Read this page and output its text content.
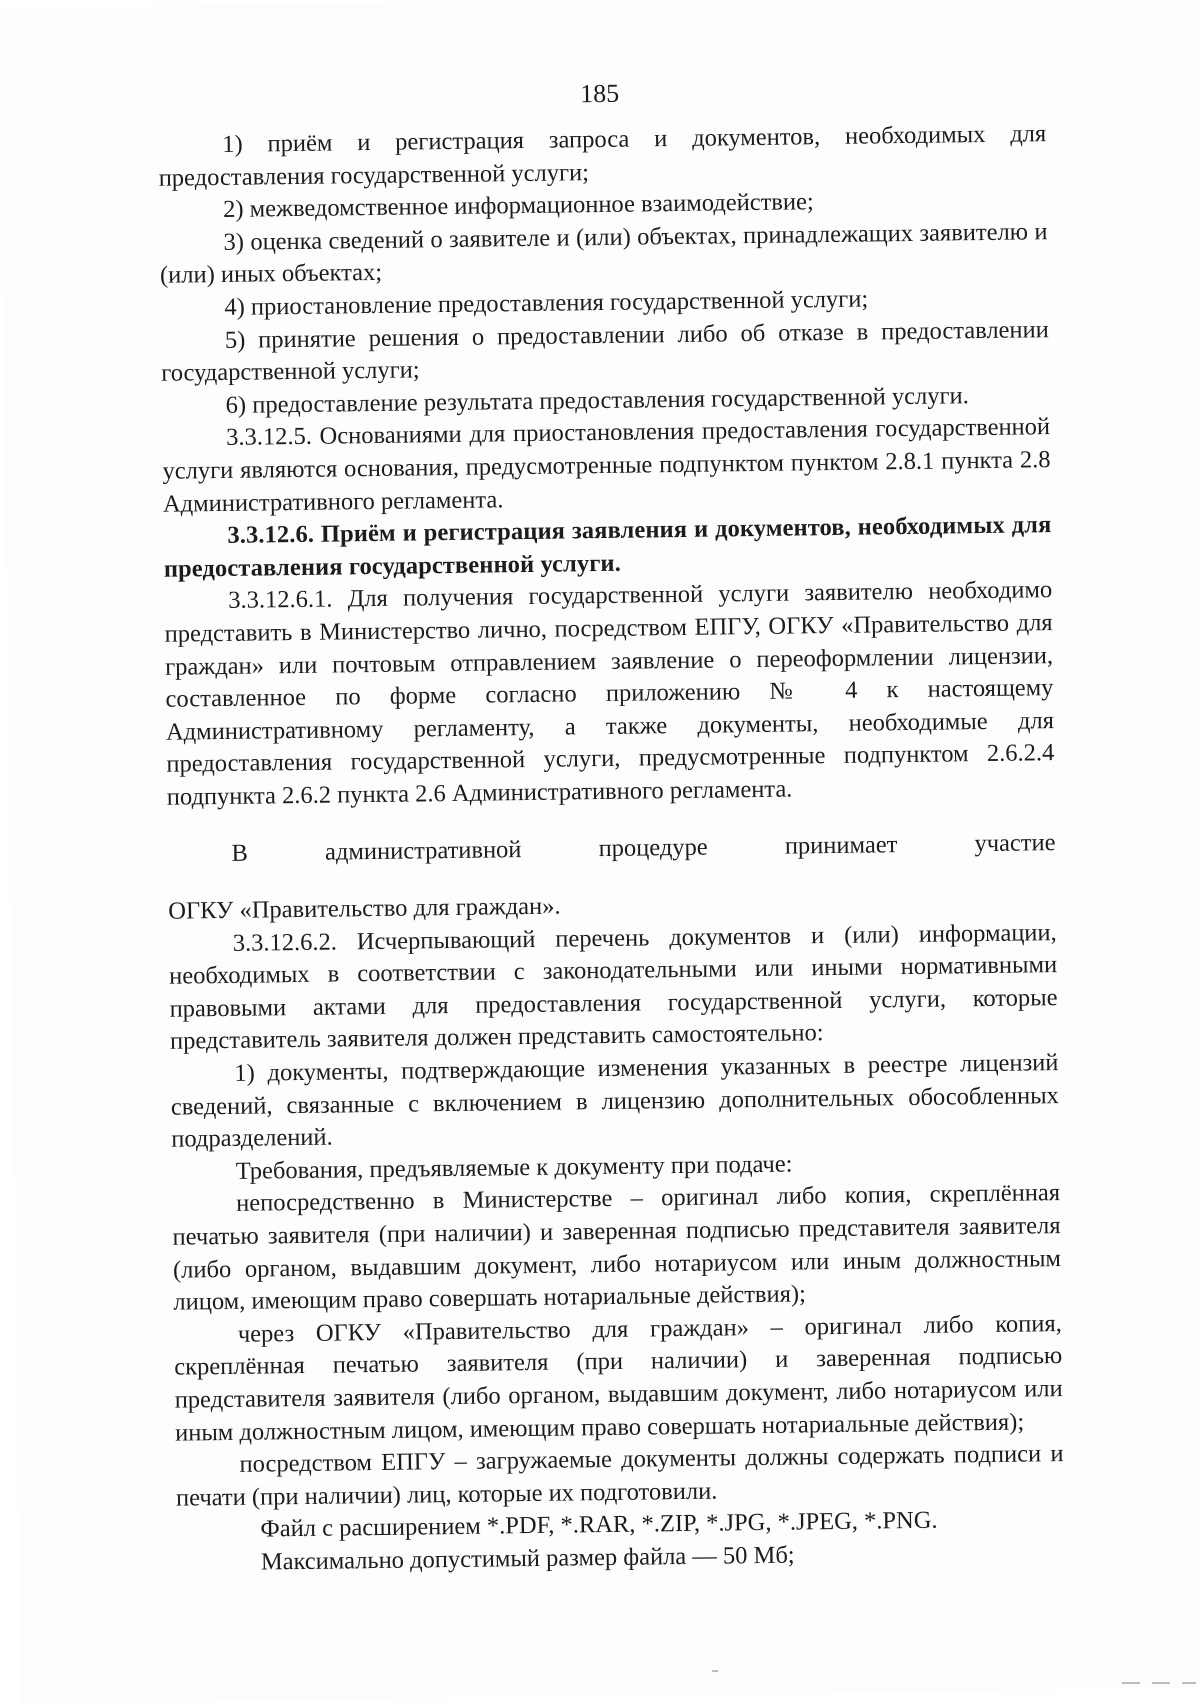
185

1) приём и регистрация запроса и документов, необходимых для предоставления государственной услуги;

2) межведомственное информационное взаимодействие;

3) оценка сведений о заявителе и (или) объектах, принадлежащих заявителю и (или) иных объектах;

4) приостановление предоставления государственной услуги;

5) принятие решения о предоставлении либо об отказе в предоставлении государственной услуги;

6) предоставление результата предоставления государственной услуги.

3.3.12.5. Основаниями для приостановления предоставления государственной услуги являются основания, предусмотренные подпунктом пунктом 2.8.1 пункта 2.8 Административного регламента.

3.3.12.6. Приём и регистрация заявления и документов, необходимых для предоставления государственной услуги.

3.3.12.6.1. Для получения государственной услуги заявителю необходимо представить в Министерство лично, посредством ЕПГУ, ОГКУ «Правительство для граждан» или почтовым отправлением заявление о переоформлении лицензии, составленное по форме согласно приложению № 4 к настоящему Административному регламенту, а также документы, необходимые для предоставления государственной услуги, предусмотренные подпунктом 2.6.2.4 подпункта 2.6.2 пункта 2.6 Административного регламента.

В административной процедуре принимает участие

ОГКУ «Правительство для граждан».

3.3.12.6.2. Исчерпывающий перечень документов и (или) информации, необходимых в соответствии с законодательными или иными нормативными правовыми актами для предоставления государственной услуги, которые представитель заявителя должен представить самостоятельно:

1) документы, подтверждающие изменения указанных в реестре лицензий сведений, связанные с включением в лицензию дополнительных обособленных подразделений.

Требования, предъявляемые к документу при подаче:

непосредственно в Министерстве – оригинал либо копия, скреплённая печатью заявителя (при наличии) и заверенная подписью представителя заявителя (либо органом, выдавшим документ, либо нотариусом или иным должностным лицом, имеющим право совершать нотариальные действия);

через ОГКУ «Правительство для граждан» – оригинал либо копия, скреплённая печатью заявителя (при наличии) и заверенная подписью представителя заявителя (либо органом, выдавшим документ, либо нотариусом или иным должностным лицом, имеющим право совершать нотариальные действия);

посредством ЕПГУ – загружаемые документы должны содержать подписи и печати (при наличии) лиц, которые их подготовили.

Файл с расширением *.PDF, *.RAR, *.ZIP, *.JPG, *.JPEG, *.PNG.

Максимально допустимый размер файла — 50 Мб;
